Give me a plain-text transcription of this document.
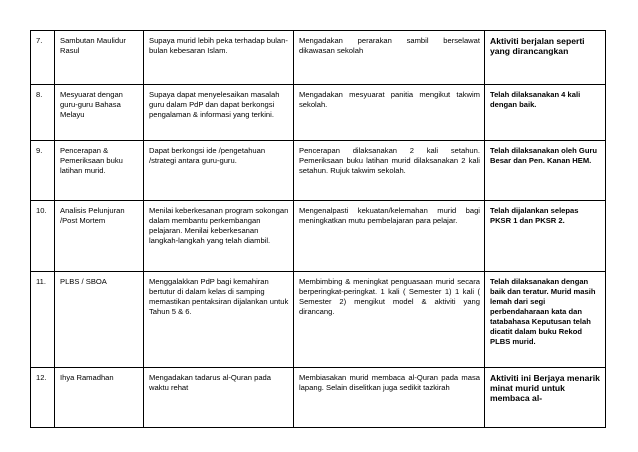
7.	Sambutan Maulidur Rasul	Supaya murid lebih peka terhadap bulan-bulan kebesaran Islam.	Mengadakan perarakan sambil berselawat dikawasan sekolah	Aktiviti berjalan seperti yang dirancangkan
8.	Mesyuarat dengan guru-guru Bahasa Melayu	Supaya dapat menyelesaikan masalah guru dalam PdP dan dapat berkongsi pengalaman & informasi yang terkini.	Mengadakan mesyuarat panitia mengikut takwim sekolah.	Telah dilaksanakan 4 kali dengan baik.
9.	Pencerapan & Pemeriksaan buku latihan murid.	Dapat berkongsi ide /pengetahuan /strategi antara guru-guru.	Pencerapan dilaksanakan 2 kali setahun. Pemeriksaan buku latihan murid dilaksanakan 2 kali setahun. Rujuk takwim sekolah.	Telah dilaksanakan oleh Guru Besar dan Pen. Kanan HEM.
10.	Analisis Pelunjuran /Post Mortem	Menilai keberkesanan program sokongan dalam membantu perkembangan pelajaran. Menilai keberkesanan langkah-langkah yang telah diambil.	Mengenalpasti kekuatan/kelemahan murid bagi meningkatkan mutu pembelajaran para pelajar.	Telah dijalankan selepas PKSR 1 dan PKSR 2.
11.	PLBS / SBOA	Menggalakkan PdP bagi kemahiran bertutur di dalam kelas di samping memastikan pentaksiran dijalankan untuk Tahun 5 & 6.	Membimbing & meningkat penguasaan murid secara berperingkat-peringkat. 1 kali ( Semester 1) 1 kali ( Semester 2) mengikut model & aktiviti yang dirancang.	Telah dilaksanakan dengan baik dan teratur. Murid masih lemah dari segi perbendaharaan kata dan tatabahasa Keputusan telah dicatit dalam buku Rekod PLBS murid.
12.	Ihya Ramadhan	Mengadakan tadarus al-Quran pada waktu rehat	Membiasakan murid membaca al-Quran pada masa lapang. Selain diselitkan juga sedikit tazkirah	Aktiviti ini Berjaya menarik minat murid untuk membaca al-
